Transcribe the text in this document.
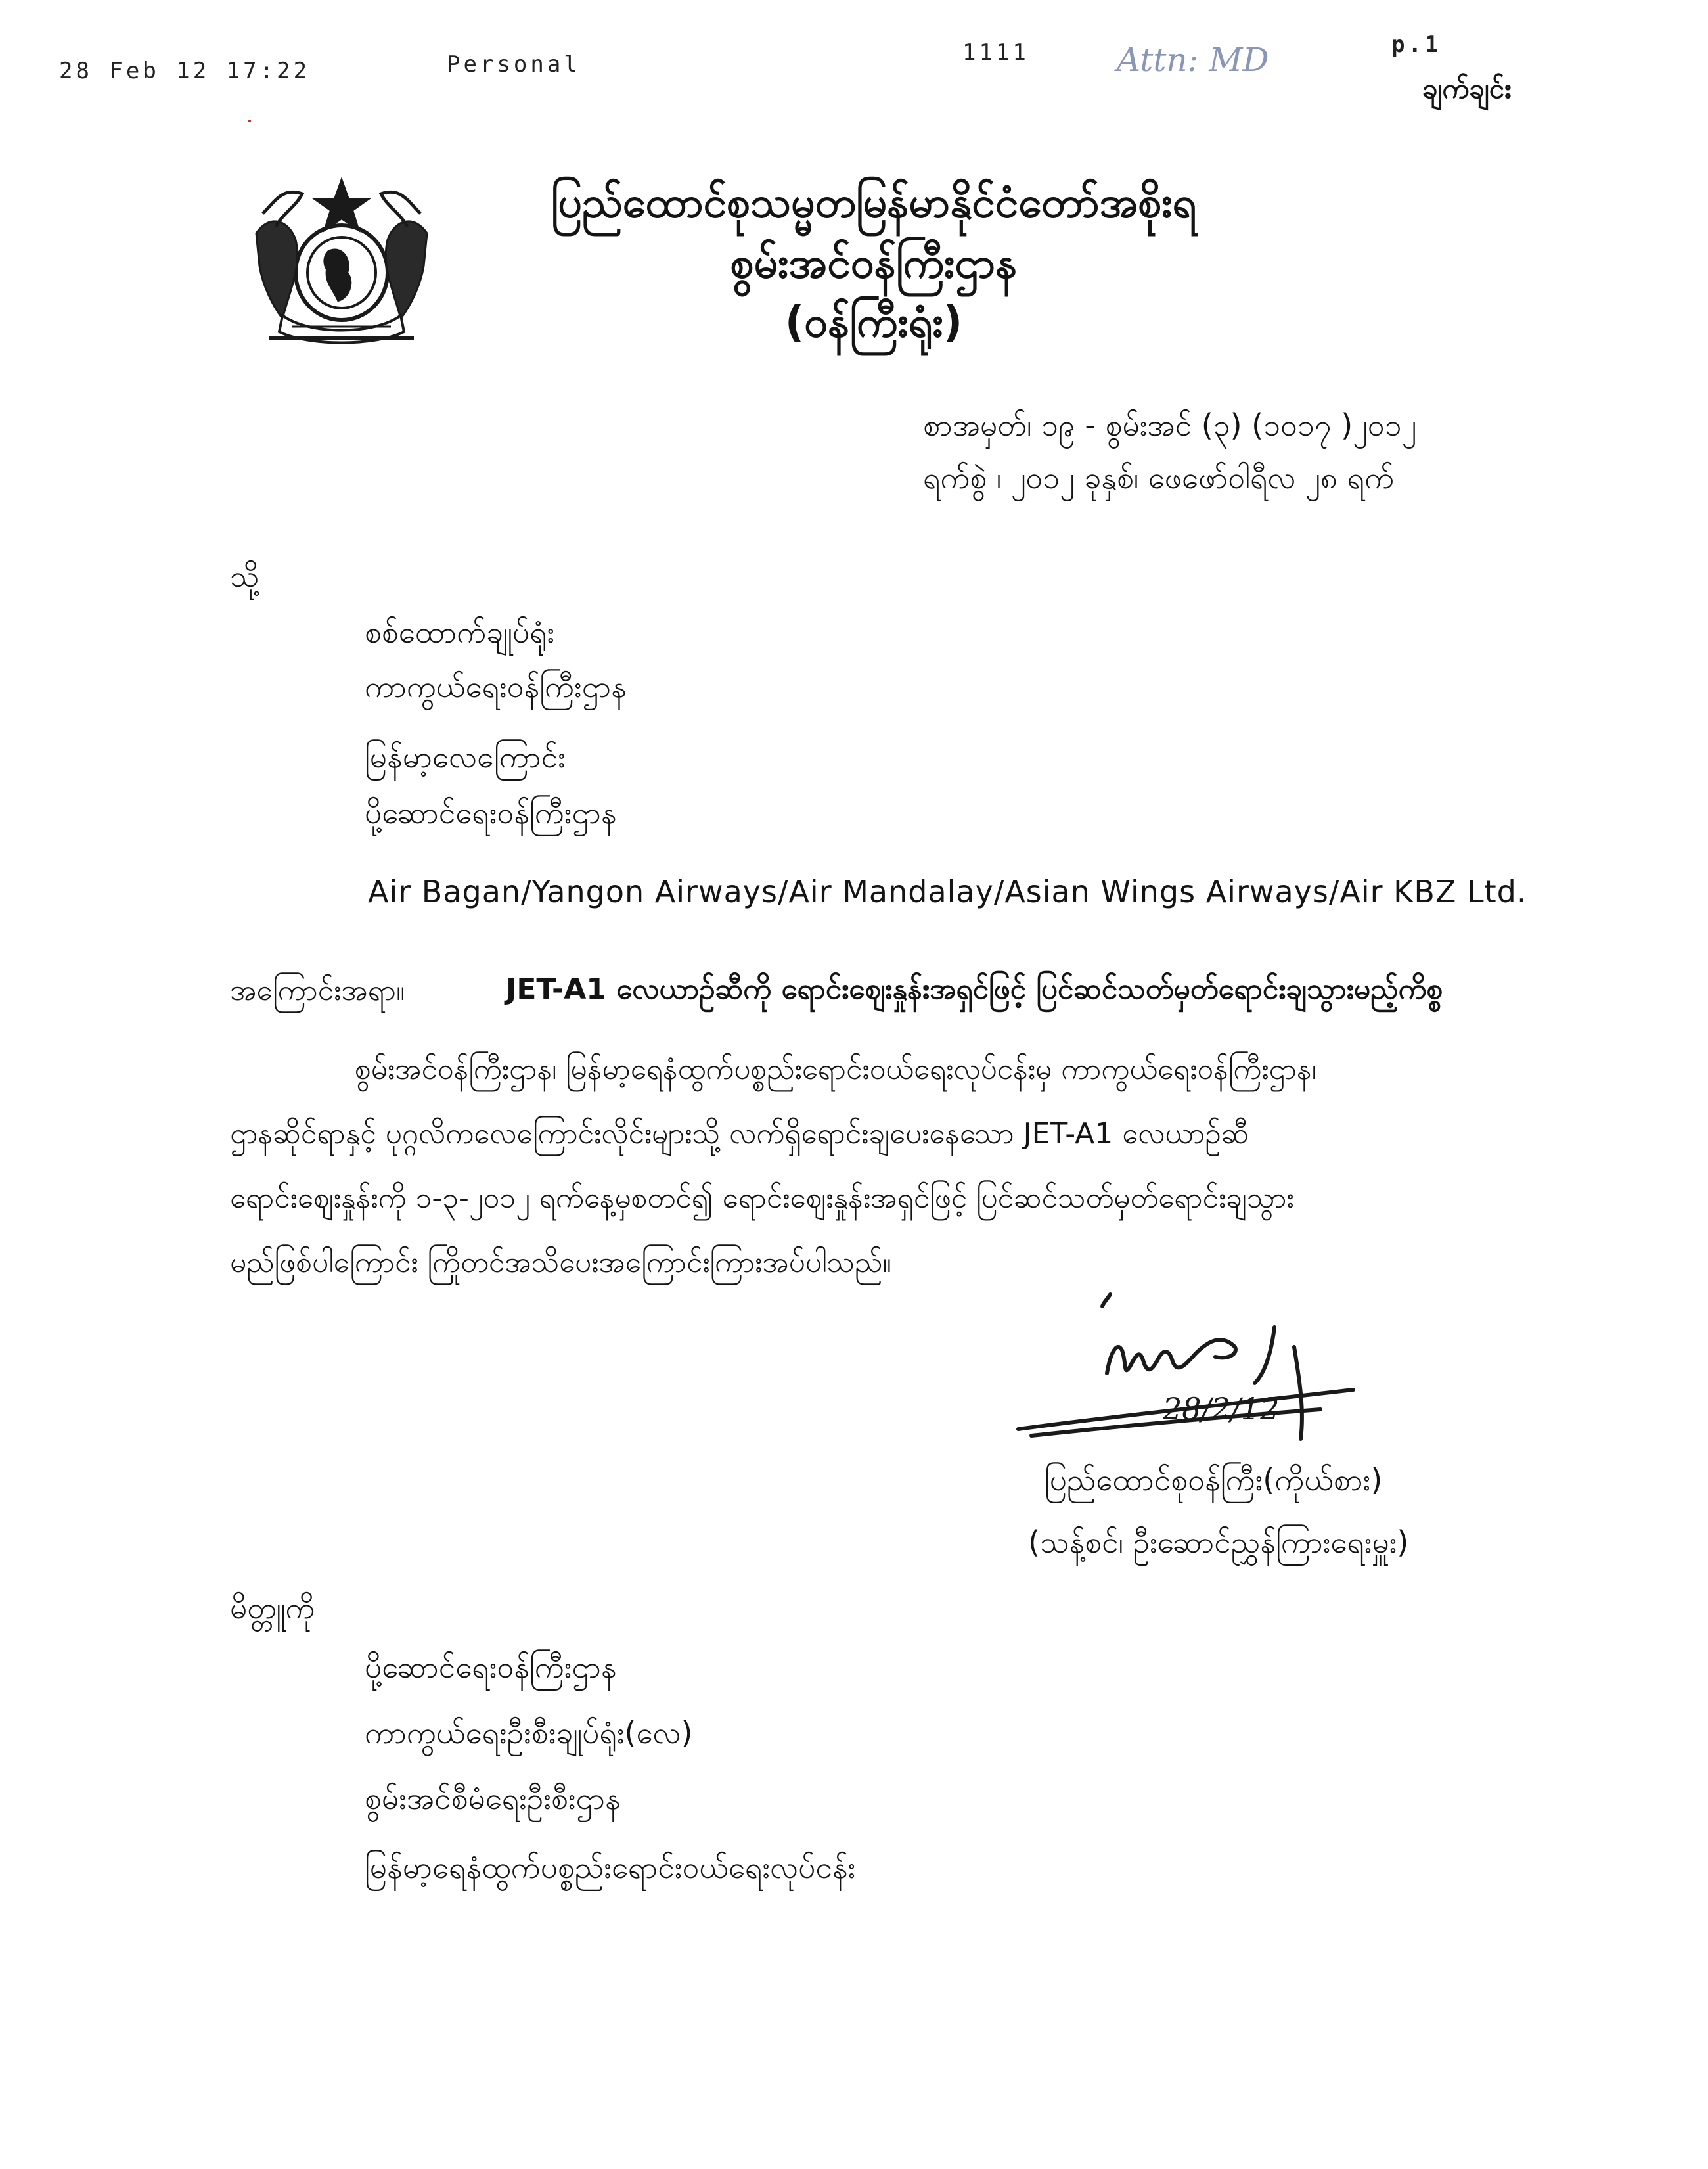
28 Feb 12 17:22	Personal	1111	Attn: MD	p.1
ချက်ချင်း
ပြည်ထောင်စုသမ္မတမြန်မာနိုင်ငံတော်အစိုးရ
စွမ်းအင်ဝန်ကြီးဌာန
(ဝန်ကြီးရုံး)
စာအမှတ်၊ ၁၉ - စွမ်းအင် (၃) (၁၀၁၇ )၂၀၁၂
ရက်စွဲ ၊ ၂၀၁၂ ခုနှစ်၊ ဖေဖော်ဝါရီလ ၂၈ ရက်
သို့
စစ်ထောက်ချုပ်ရုံး
ကာကွယ်ရေးဝန်ကြီးဌာန
မြန်မာ့လေကြောင်း
ပို့ဆောင်ရေးဝန်ကြီးဌာန
Air Bagan/Yangon Airways/Air Mandalay/Asian Wings Airways/Air KBZ Ltd.
အကြောင်းအရာ။	JET-A1 လေယာဉ်ဆီကို ရောင်းဈေးနှုန်းအရှင်ဖြင့် ပြင်ဆင်သတ်မှတ်ရောင်းချသွားမည့်ကိစ္စ
စွမ်းအင်ဝန်ကြီးဌာန၊ မြန်မာ့ရေနံထွက်ပစ္စည်းရောင်းဝယ်ရေးလုပ်ငန်းမှ ကာကွယ်ရေးဝန်ကြီးဌာန၊
ဌာနဆိုင်ရာနှင့် ပုဂ္ဂလိကလေကြောင်းလိုင်းများသို့ လက်ရှိရောင်းချပေးနေသော JET-A1 လေယာဉ်ဆီ
ရောင်းဈေးနှုန်းကို ၁-၃-၂၀၁၂ ရက်နေ့မှစတင်၍ ရောင်းဈေးနှုန်းအရှင်ဖြင့် ပြင်ဆင်သတ်မှတ်ရောင်းချသွား
မည်ဖြစ်ပါကြောင်း ကြိုတင်အသိပေးအကြောင်းကြားအပ်ပါသည်။
28/2/12
ပြည်ထောင်စုဝန်ကြီး(ကိုယ်စား)
(သန့်စင်၊ ဦးဆောင်ညွှန်ကြားရေးမှူး)
မိတ္တူကို
ပို့ဆောင်ရေးဝန်ကြီးဌာန
ကာကွယ်ရေးဦးစီးချုပ်ရုံး(လေ)
စွမ်းအင်စီမံရေးဦးစီးဌာန
မြန်မာ့ရေနံထွက်ပစ္စည်းရောင်းဝယ်ရေးလုပ်ငန်း
